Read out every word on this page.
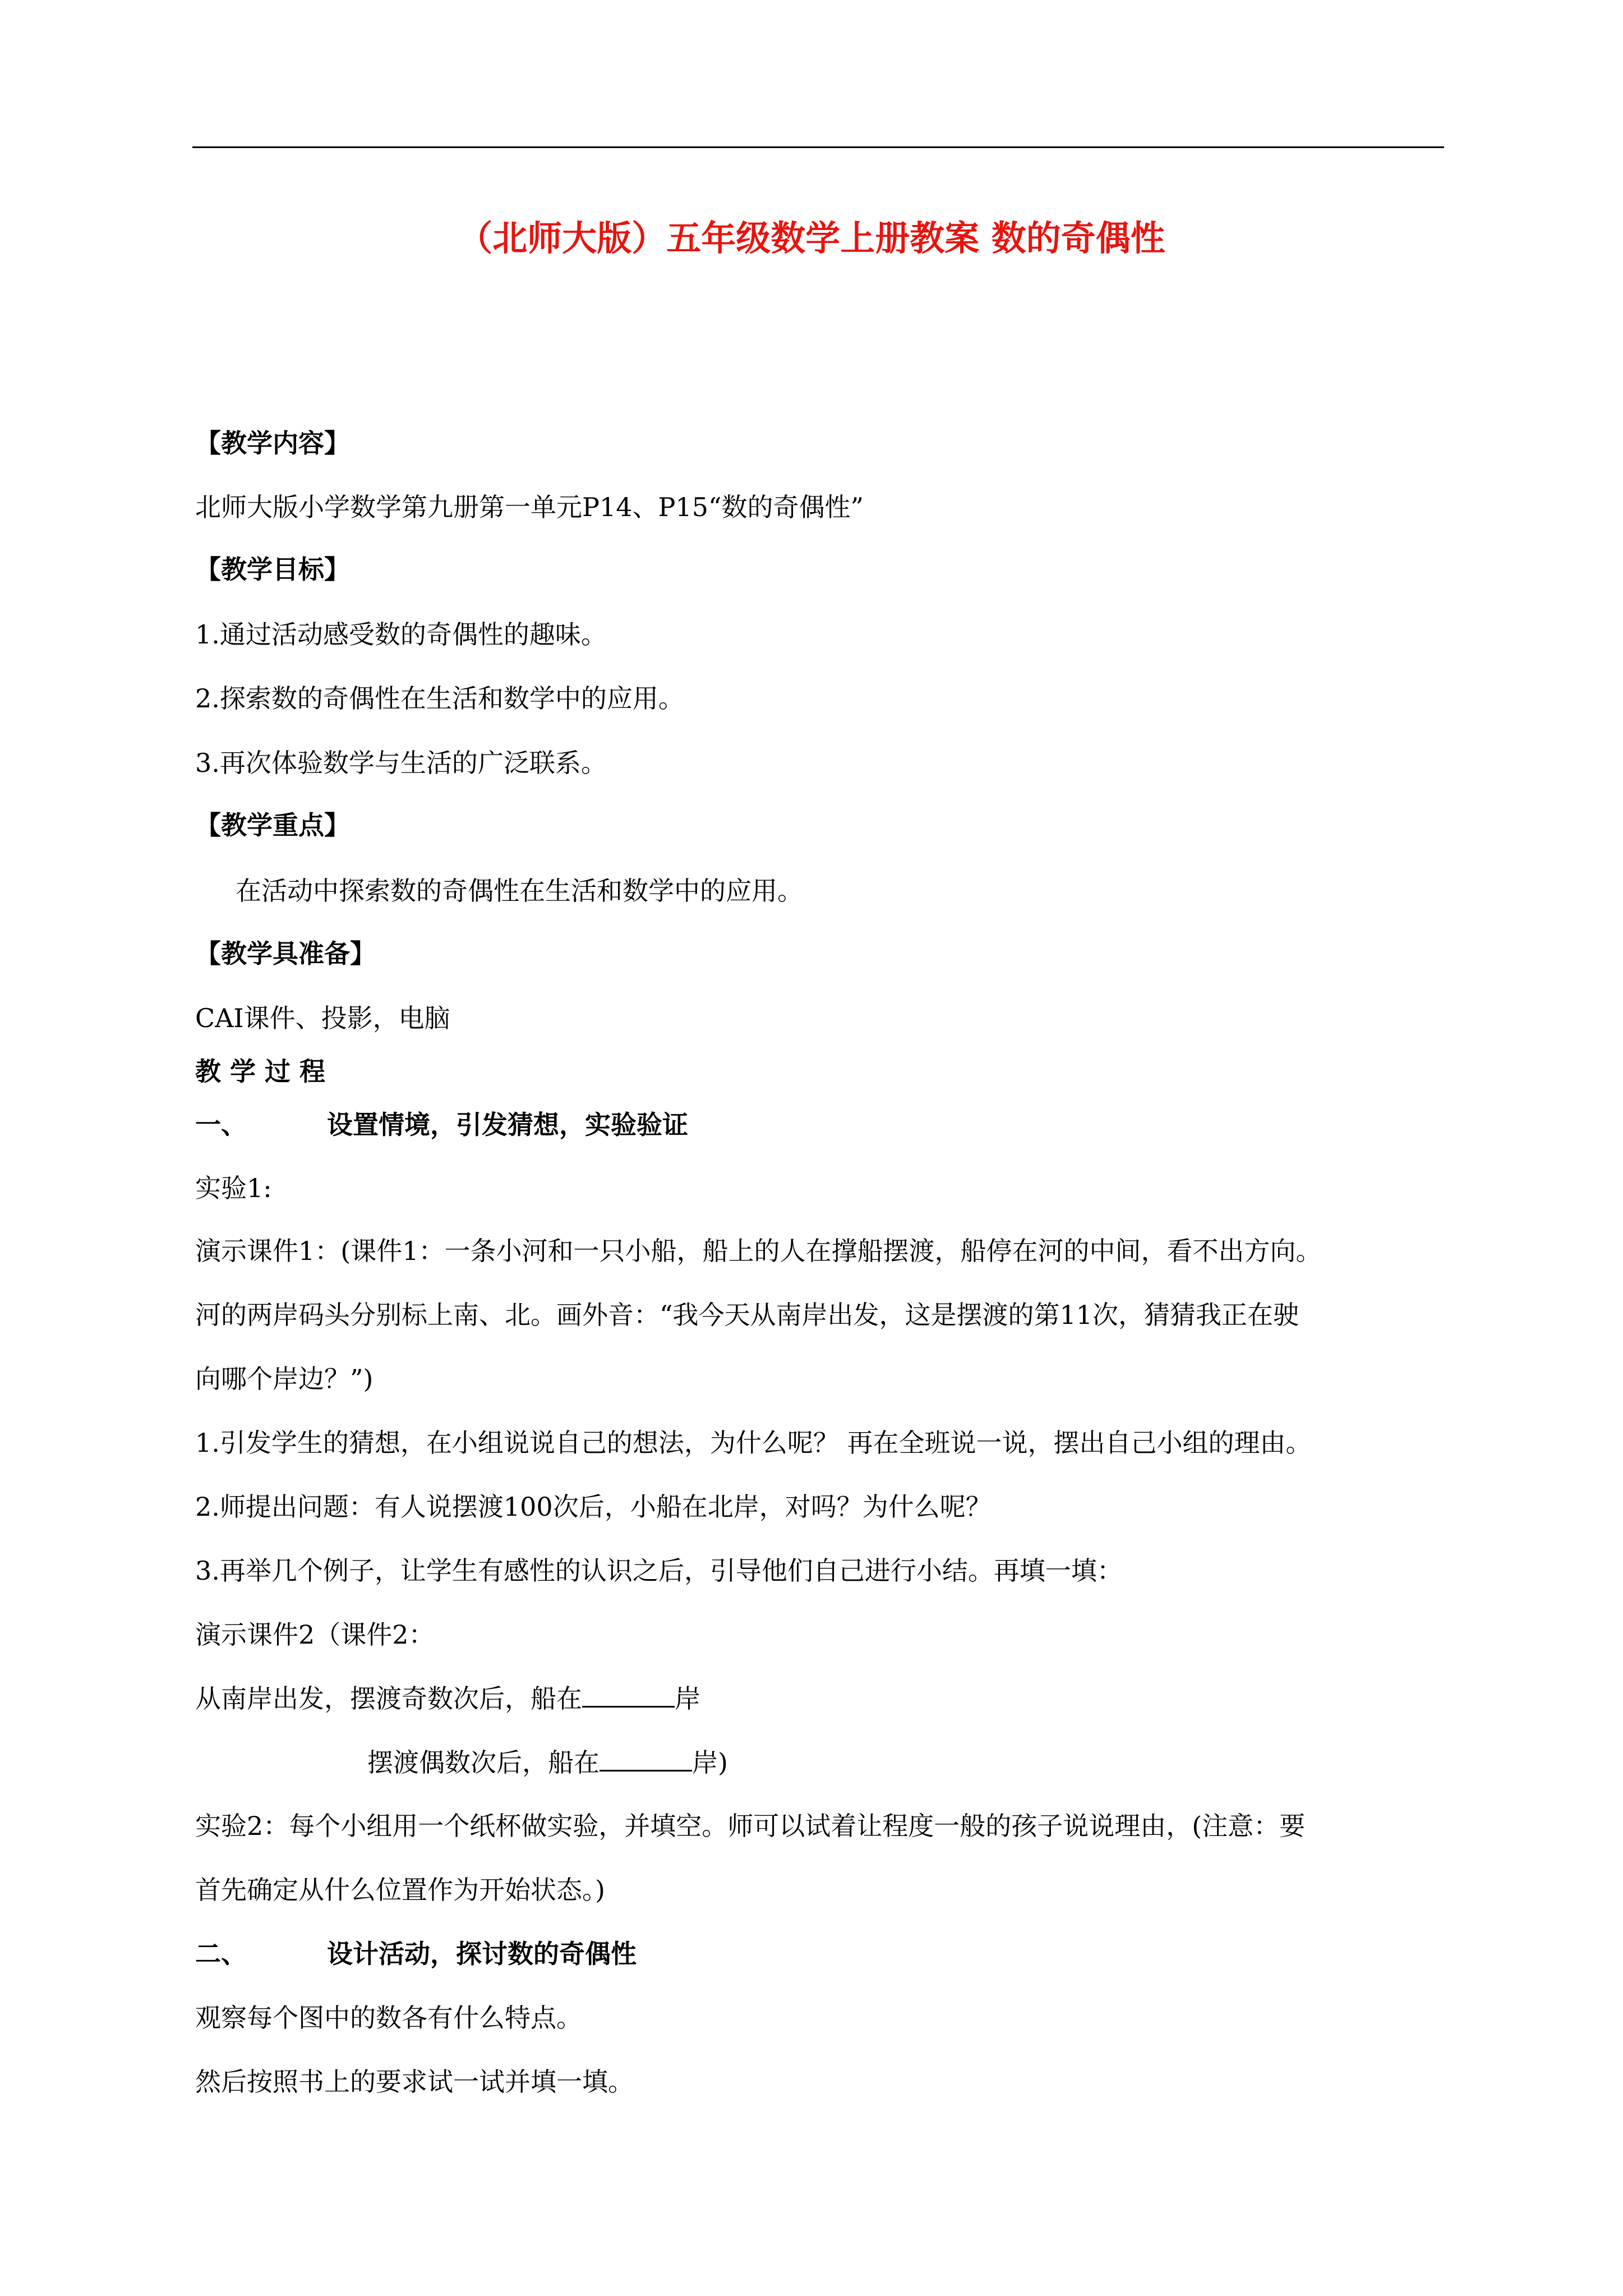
（北师大版）五年级数学上册教案 数的奇偶性
【教学内容】
北师大版小学数学第九册第一单元P14、P15“数的奇偶性”
【教学目标】
1.通过活动感受数的奇偶性的趣味。
2.探索数的奇偶性在生活和数学中的应用。
3.再次体验数学与生活的广泛联系。
【教学重点】
在活动中探索数的奇偶性在生活和数学中的应用。
【教学具准备】
CAI课件、投影，电脑
教 学 过 程
一、	设置情境，引发猜想，实验验证
实验1:
演示课件1：(课件1：一条小河和一只小船，船上的人在撑船摆渡，船停在河的中间，看不出方向。
河的两岸码头分别标上南、北。画外音：“我今天从南岸出发，这是摆渡的第11次，猜猜我正在驶
向哪个岸边？”)
1.引发学生的猜想，在小组说说自己的想法，为什么呢？ 再在全班说一说，摆出自己小组的理由。
2.师提出问题：有人说摆渡100次后，小船在北岸，对吗？为什么呢？
3.再举几个例子，让学生有感性的认识之后，引导他们自己进行小结。再填一填：
演示课件2（课件2：
从南岸出发，摆渡奇数次后，船在	岸
摆渡偶数次后，船在	岸)
实验2：每个小组用一个纸杯做实验，并填空。师可以试着让程度一般的孩子说说理由，(注意：要
首先确定从什么位置作为开始状态。)
二、	设计活动，探讨数的奇偶性
观察每个图中的数各有什么特点。
然后按照书上的要求试一试并填一填。
